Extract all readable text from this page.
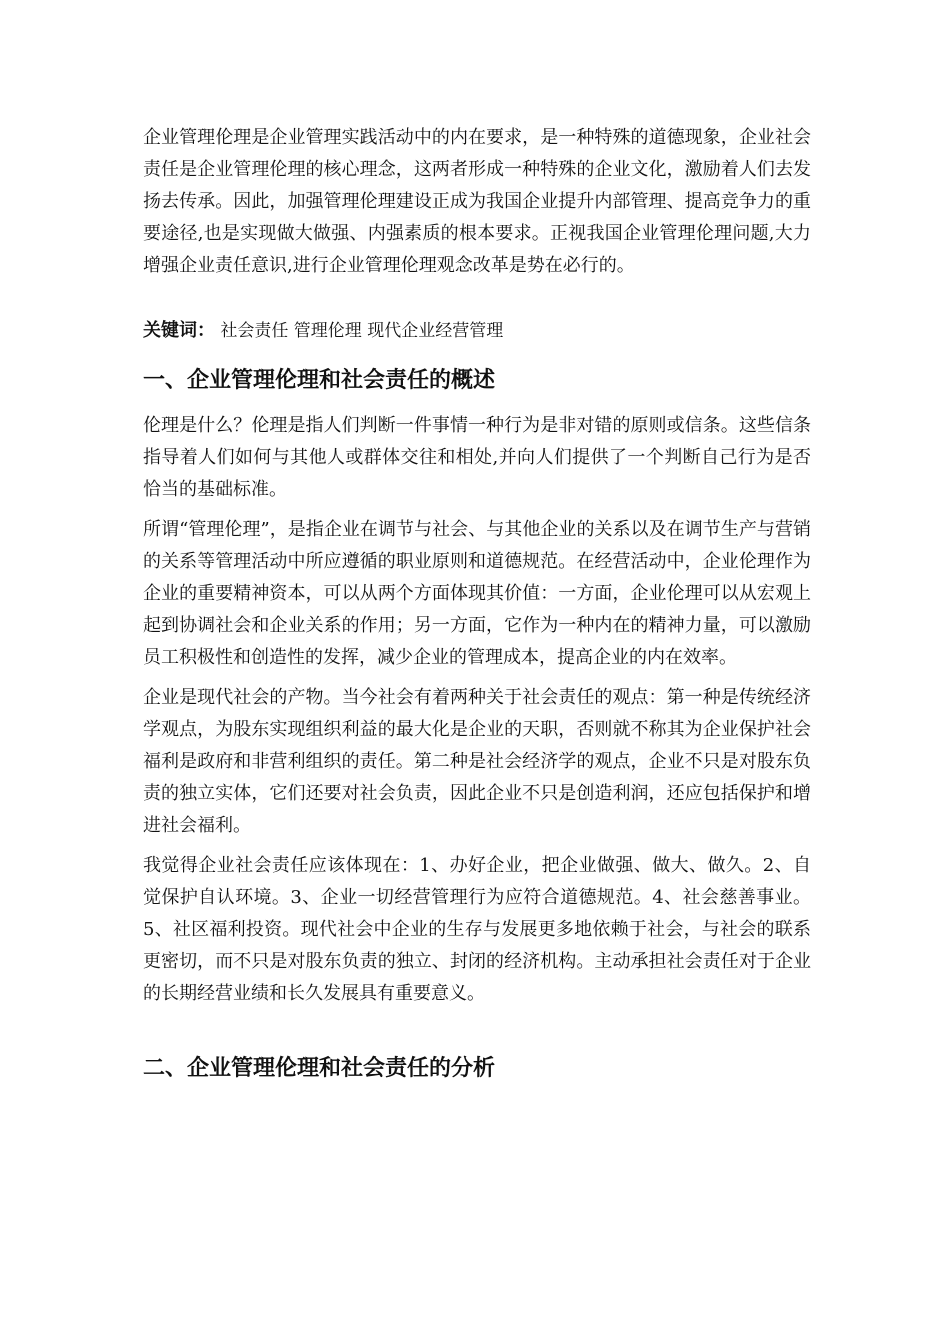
企业管理伦理是企业管理实践活动中的内在要求，是一种特殊的道德现象，企业社会责任是企业管理伦理的核心理念，这两者形成一种特殊的企业文化，激励着人们去发扬去传承。因此，加强管理伦理建设正成为我国企业提升内部管理、提高竞争力的重要途径,也是实现做大做强、内强素质的根本要求。正视我国企业管理伦理问题,大力增强企业责任意识,进行企业管理伦理观念改革是势在必行的。

关键词： 社会责任 管理伦理 现代企业经营管理

一、企业管理伦理和社会责任的概述

伦理是什么？伦理是指人们判断一件事情一种行为是非对错的原则或信条。这些信条指导着人们如何与其他人或群体交往和相处,并向人们提供了一个判断自己行为是否恰当的基础标准。

所谓“管理伦理”，是指企业在调节与社会、与其他企业的关系以及在调节生产与营销的关系等管理活动中所应遵循的职业原则和道德规范。在经营活动中，企业伦理作为企业的重要精神资本，可以从两个方面体现其价值：一方面，企业伦理可以从宏观上起到协调社会和企业关系的作用；另一方面，它作为一种内在的精神力量，可以激励员工积极性和创造性的发挥，减少企业的管理成本，提高企业的内在效率。

企业是现代社会的产物。当今社会有着两种关于社会责任的观点：第一种是传统经济学观点，为股东实现组织利益的最大化是企业的天职，否则就不称其为企业保护社会福利是政府和非营利组织的责任。第二种是社会经济学的观点，企业不只是对股东负责的独立实体，它们还要对社会负责，因此企业不只是创造利润，还应包括保护和增进社会福利。

我觉得企业社会责任应该体现在：1、办好企业，把企业做强、做大、做久。2、自觉保护自认环境。3、企业一切经营管理行为应符合道德规范。4、社会慈善事业。5、社区福利投资。现代社会中企业的生存与发展更多地依赖于社会，与社会的联系更密切，而不只是对股东负责的独立、封闭的经济机构。主动承担社会责任对于企业的长期经营业绩和长久发展具有重要意义。

二、企业管理伦理和社会责任的分析
